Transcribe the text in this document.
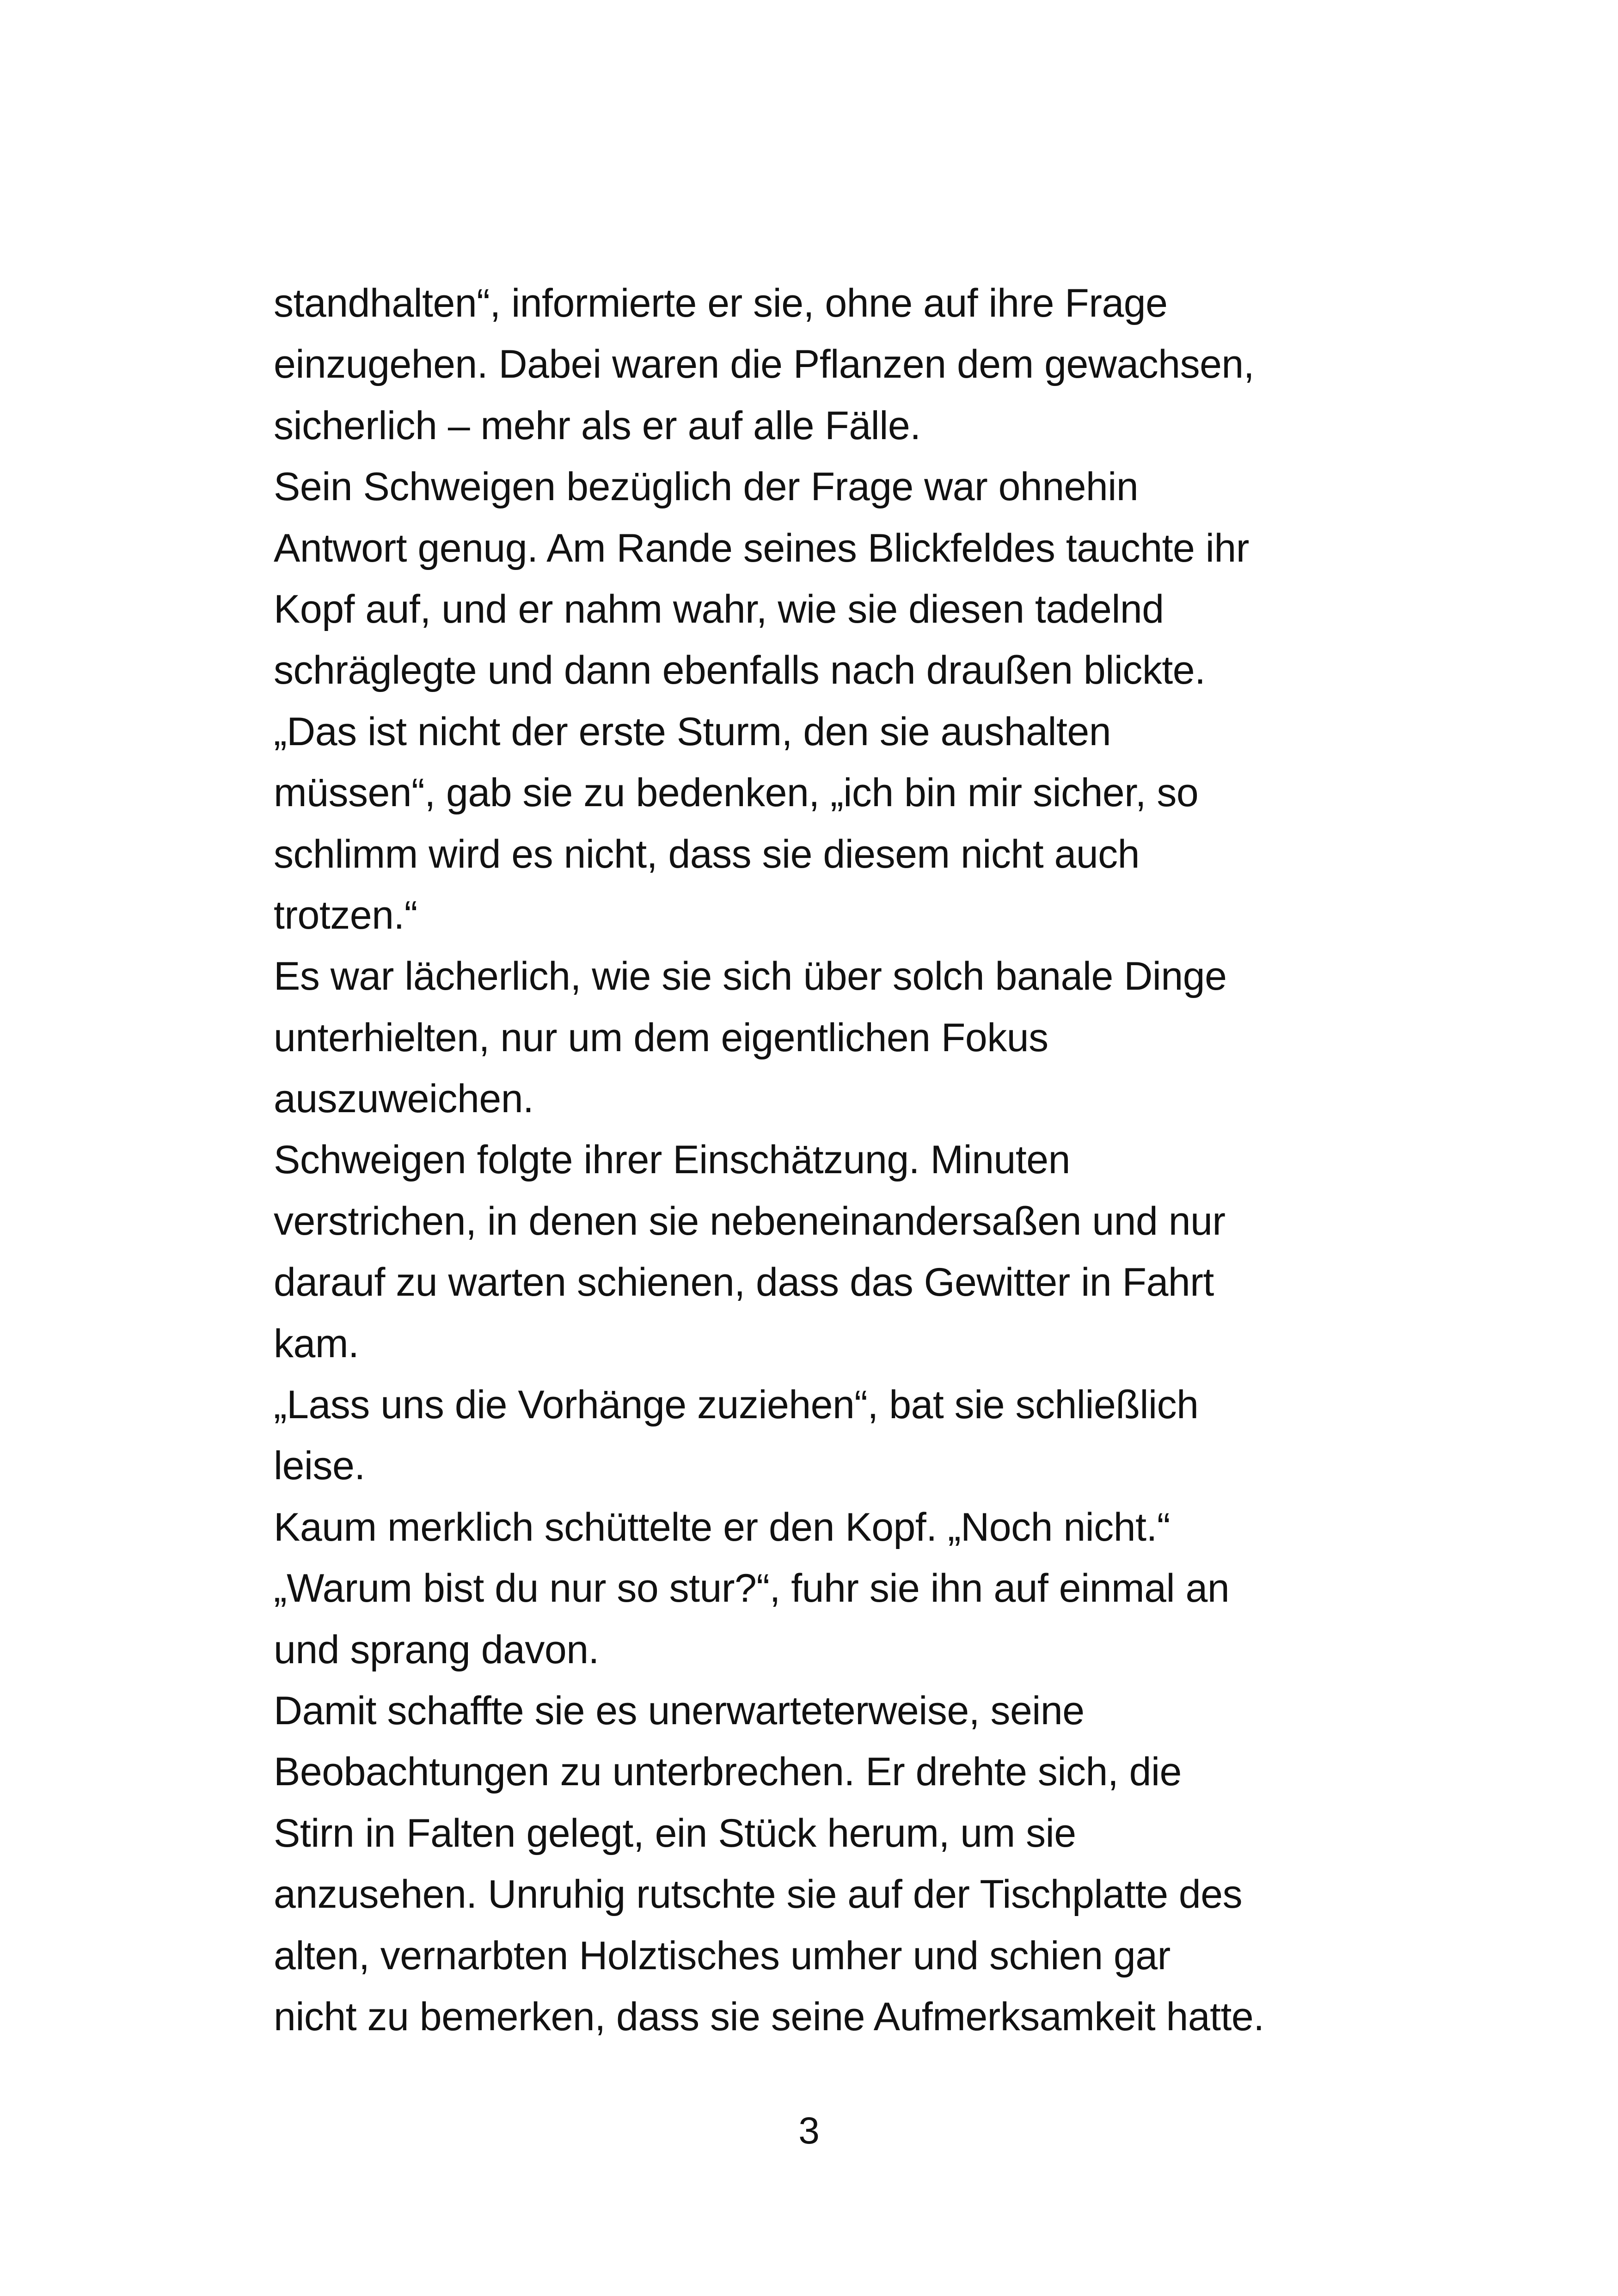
standhalten“, informierte er sie, ohne auf ihre Frage
einzugehen. Dabei waren die Pflanzen dem gewachsen,
sicherlich – mehr als er auf alle Fälle.
Sein Schweigen bezüglich der Frage war ohnehin
Antwort genug. Am Rande seines Blickfeldes tauchte ihr
Kopf auf, und er nahm wahr, wie sie diesen tadelnd
schräglegte und dann ebenfalls nach draußen blickte.
„Das ist nicht der erste Sturm, den sie aushalten
müssen“, gab sie zu bedenken, „ich bin mir sicher, so
schlimm wird es nicht, dass sie diesem nicht auch
trotzen.“
Es war lächerlich, wie sie sich über solch banale Dinge
unterhielten, nur um dem eigentlichen Fokus
auszuweichen.
Schweigen folgte ihrer Einschätzung. Minuten
verstrichen, in denen sie nebeneinandersaßen und nur
darauf zu warten schienen, dass das Gewitter in Fahrt
kam.
„Lass uns die Vorhänge zuziehen“, bat sie schließlich
leise.
Kaum merklich schüttelte er den Kopf. „Noch nicht.“
„Warum bist du nur so stur?“, fuhr sie ihn auf einmal an
und sprang davon.
Damit schaffte sie es unerwarteterweise, seine
Beobachtungen zu unterbrechen. Er drehte sich, die
Stirn in Falten gelegt, ein Stück herum, um sie
anzusehen. Unruhig rutschte sie auf der Tischplatte des
alten, vernarbten Holztisches umher und schien gar
nicht zu bemerken, dass sie seine Aufmerksamkeit hatte.
3
